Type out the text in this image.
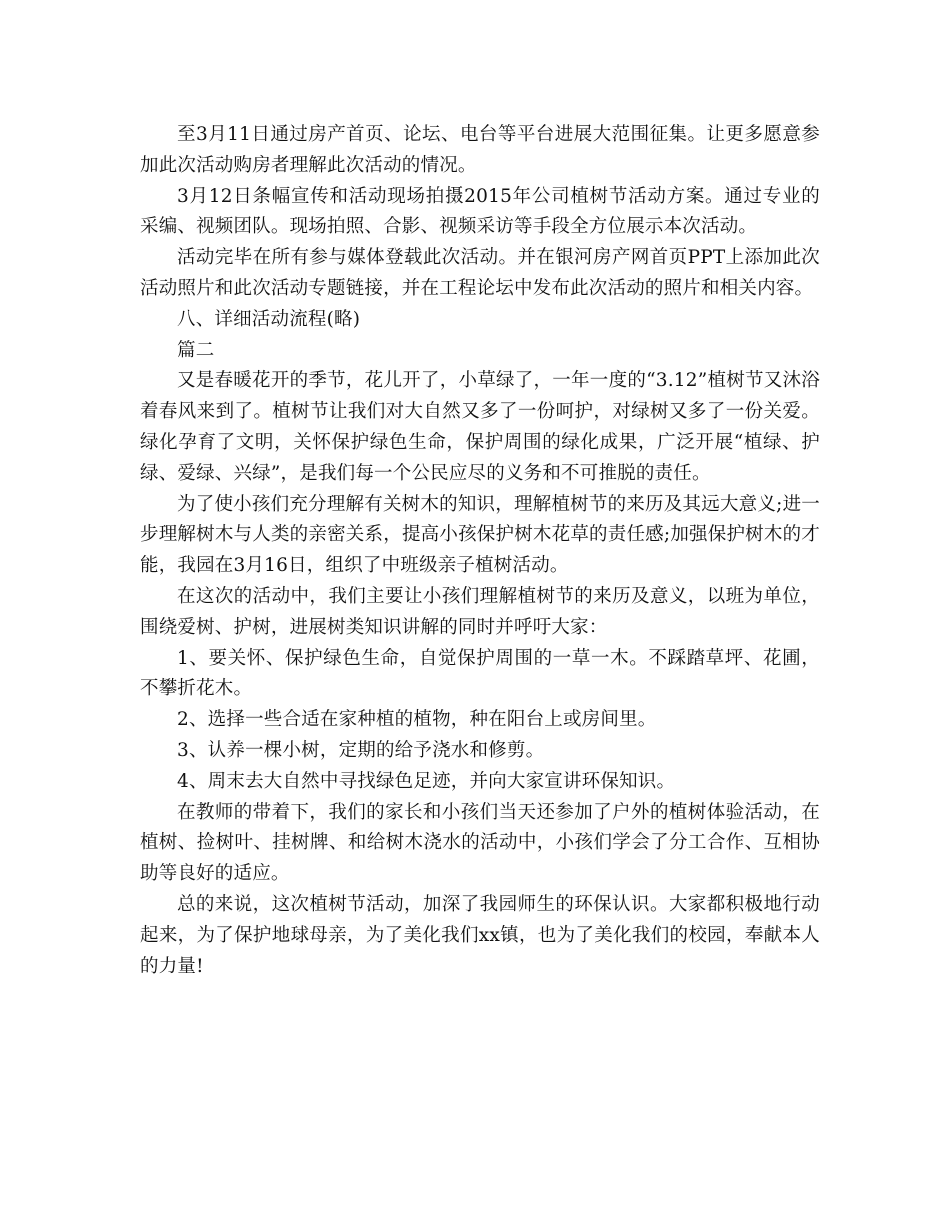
至3月11日通过房产首页、论坛、电台等平台进展大范围征集。让更多愿意参加此次活动购房者理解此次活动的情况。

3月12日条幅宣传和活动现场拍摄2015年公司植树节活动方案。通过专业的采编、视频团队。现场拍照、合影、视频采访等手段全方位展示本次活动。

活动完毕在所有参与媒体登载此次活动。并在银河房产网首页PPT上添加此次活动照片和此次活动专题链接，并在工程论坛中发布此次活动的照片和相关内容。

八、详细活动流程(略)

篇二

又是春暖花开的季节，花儿开了，小草绿了，一年一度的“3.12”植树节又沐浴着春风来到了。植树节让我们对大自然又多了一份呵护，对绿树又多了一份关爱。绿化孕育了文明，关怀保护绿色生命，保护周围的绿化成果，广泛开展“植绿、护绿、爱绿、兴绿”，是我们每一个公民应尽的义务和不可推脱的责任。

为了使小孩们充分理解有关树木的知识，理解植树节的来历及其远大意义;进一步理解树木与人类的亲密关系，提高小孩保护树木花草的责任感;加强保护树木的才能，我园在3月16日，组织了中班级亲子植树活动。

在这次的活动中，我们主要让小孩们理解植树节的来历及意义，以班为单位，围绕爱树、护树，进展树类知识讲解的同时并呼吁大家：

1、要关怀、保护绿色生命，自觉保护周围的一草一木。不踩踏草坪、花圃，不攀折花木。

2、选择一些合适在家种植的植物，种在阳台上或房间里。

3、认养一棵小树，定期的给予浇水和修剪。

4、周末去大自然中寻找绿色足迹，并向大家宣讲环保知识。

在教师的带着下，我们的家长和小孩们当天还参加了户外的植树体验活动，在植树、捡树叶、挂树牌、和给树木浇水的活动中，小孩们学会了分工合作、互相协助等良好的适应。

总的来说，这次植树节活动，加深了我园师生的环保认识。大家都积极地行动起来，为了保护地球母亲，为了美化我们xx镇，也为了美化我们的校园，奉献本人的力量!
